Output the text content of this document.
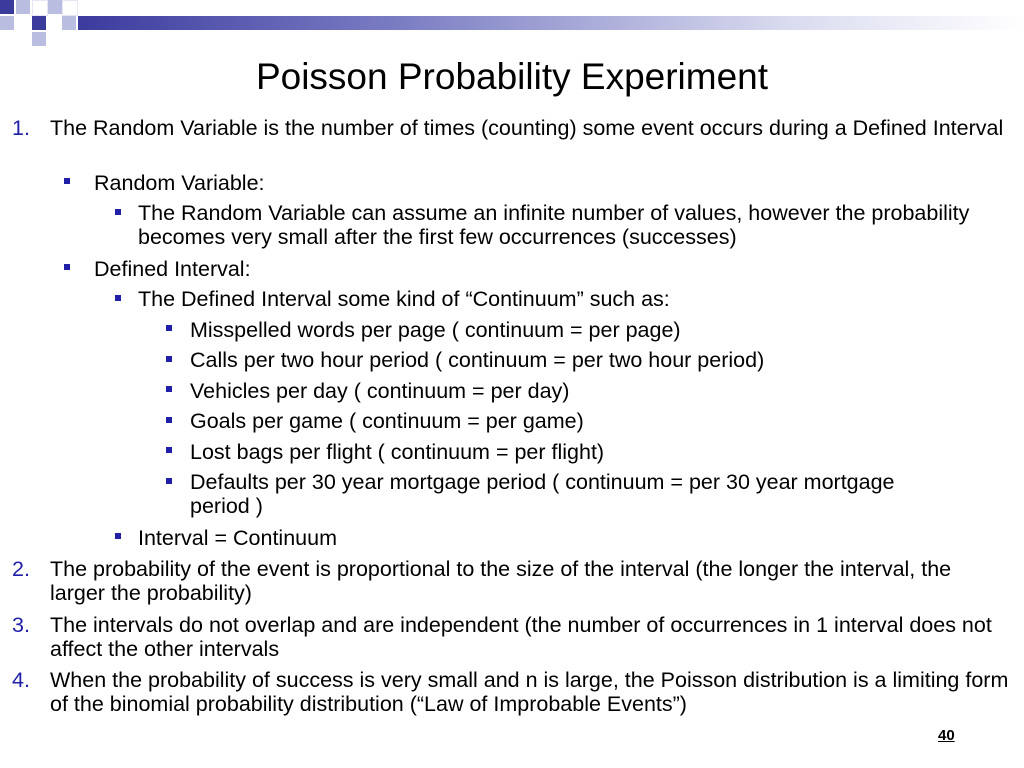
Poisson Probability Experiment
1. The Random Variable is the number of times (counting) some event occurs during a Defined Interval
Random Variable:
The Random Variable can assume an infinite number of values, however the probability becomes very small after the first few occurrences (successes)
Defined Interval:
The Defined Interval some kind of “Continuum” such as:
Misspelled words per page ( continuum = per page)
Calls per two hour period ( continuum = per two hour period)
Vehicles per day ( continuum = per day)
Goals per game ( continuum = per game)
Lost bags per flight ( continuum = per flight)
Defaults per 30 year mortgage period ( continuum = per 30 year mortgage period )
Interval = Continuum
2. The probability of the event is proportional to the size of the interval (the longer the interval, the larger the probability)
3. The intervals do not overlap and are independent (the number of occurrences in 1 interval does not affect the other intervals
4. When the probability of success is very small and n is large, the Poisson distribution is a limiting form of the binomial probability distribution (“Law of Improbable Events”)
40
